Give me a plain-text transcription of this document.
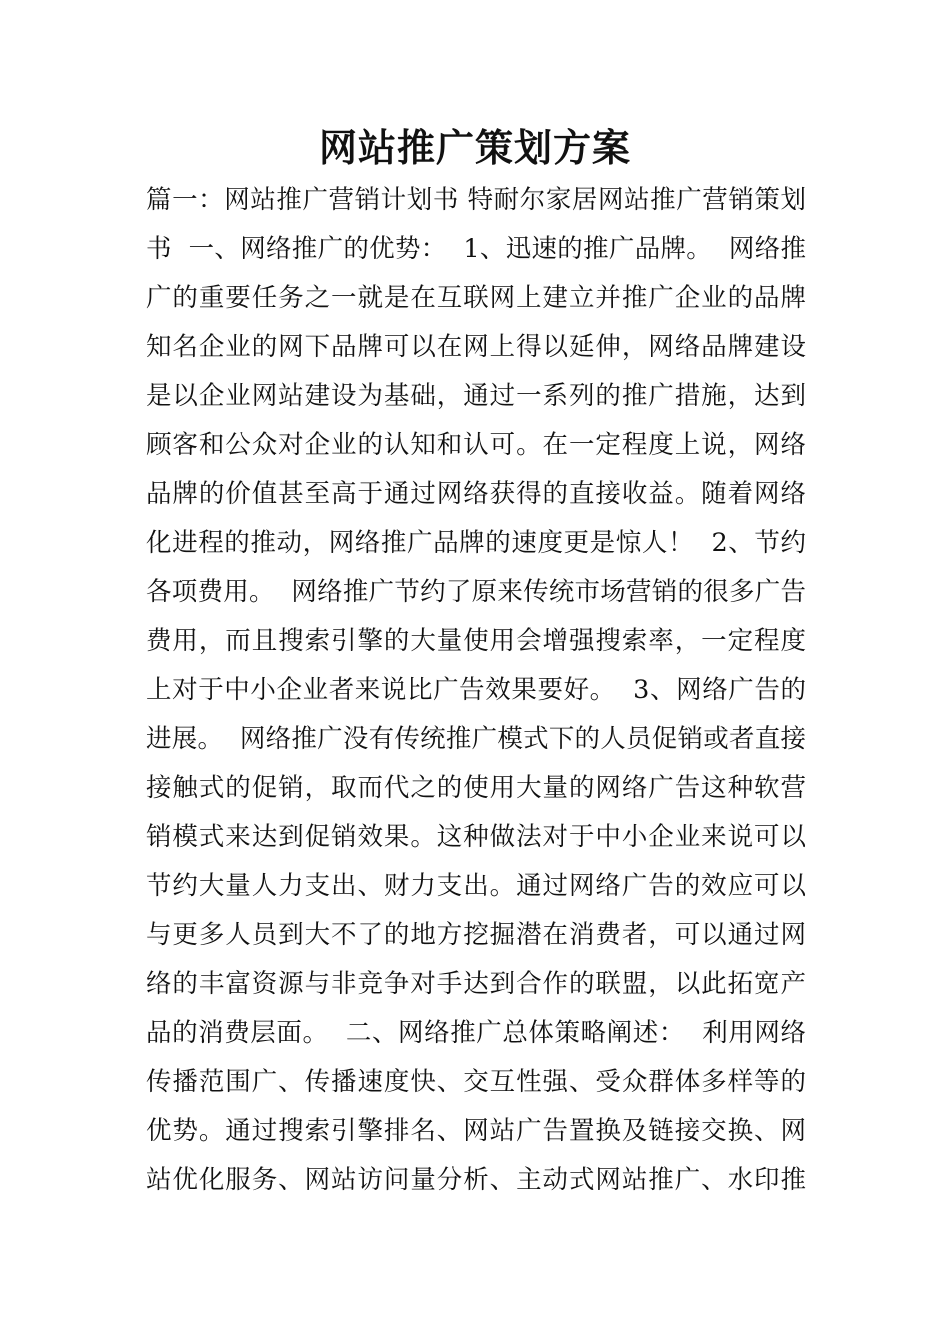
网站推广策划方案
篇一：网站推广营销计划书 特耐尔家居网站推广营销策划
书  一、网络推广的优势：  1、迅速的推广品牌。  网络推
广的重要任务之一就是在互联网上建立并推广企业的品牌
知名企业的网下品牌可以在网上得以延伸，网络品牌建设
是以企业网站建设为基础，通过一系列的推广措施，达到
顾客和公众对企业的认知和认可。在一定程度上说，网络
品牌的价值甚至高于通过网络获得的直接收益。随着网络
化进程的推动，网络推广品牌的速度更是惊人！  2、节约
各项费用。  网络推广节约了原来传统市场营销的很多广告
费用，而且搜索引擎的大量使用会增强搜索率，一定程度
上对于中小企业者来说比广告效果要好。  3、网络广告的
进展。  网络推广没有传统推广模式下的人员促销或者直接
接触式的促销，取而代之的使用大量的网络广告这种软营
销模式来达到促销效果。这种做法对于中小企业来说可以
节约大量人力支出、财力支出。通过网络广告的效应可以
与更多人员到大不了的地方挖掘潜在消费者，可以通过网
络的丰富资源与非竞争对手达到合作的联盟，以此拓宽产
品的消费层面。  二、网络推广总体策略阐述：  利用网络
传播范围广、传播速度快、交互性强、受众群体多样等的
优势。通过搜索引擎排名、网站广告置换及链接交换、网
站优化服务、网站访问量分析、主动式网站推广、水印推
